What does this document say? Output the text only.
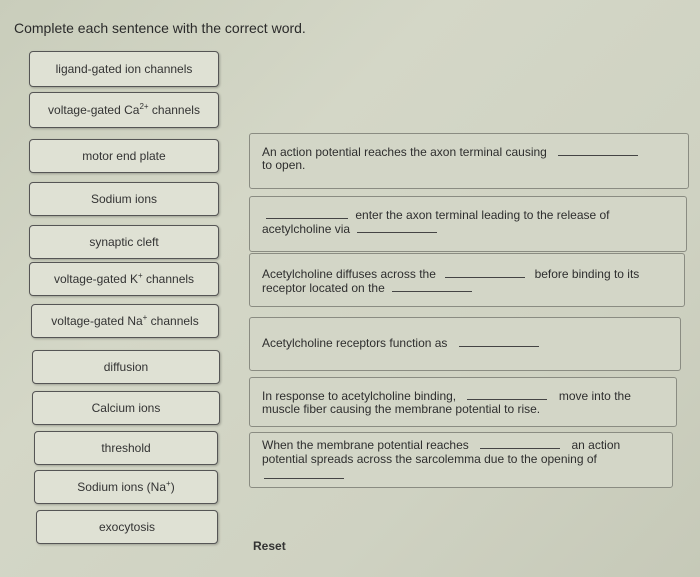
Complete each sentence with the correct word.
ligand-gated ion channels
voltage-gated $Ca^{2+}$ channels
motor end plate
Sodium ions
synaptic cleft
voltage-gated K+ channels
voltage-gated Na+ channels
diffusion
Calcium ions
threshold
Sodium ions (Na+)
exocytosis
An action potential reaches the axon terminal causing
to open.
enter the axon terminal leading to the release of
acetylcholine via
Acetylcholine diffuses across the	before binding to its
receptor located on the
Acetylcholine receptors function as
In response to acetylcholine binding,	move into the
muscle fiber causing the membrane potential to rise.
When the membrane potential reaches	an action
potential spreads across the sarcolemma due to the opening of
Reset
